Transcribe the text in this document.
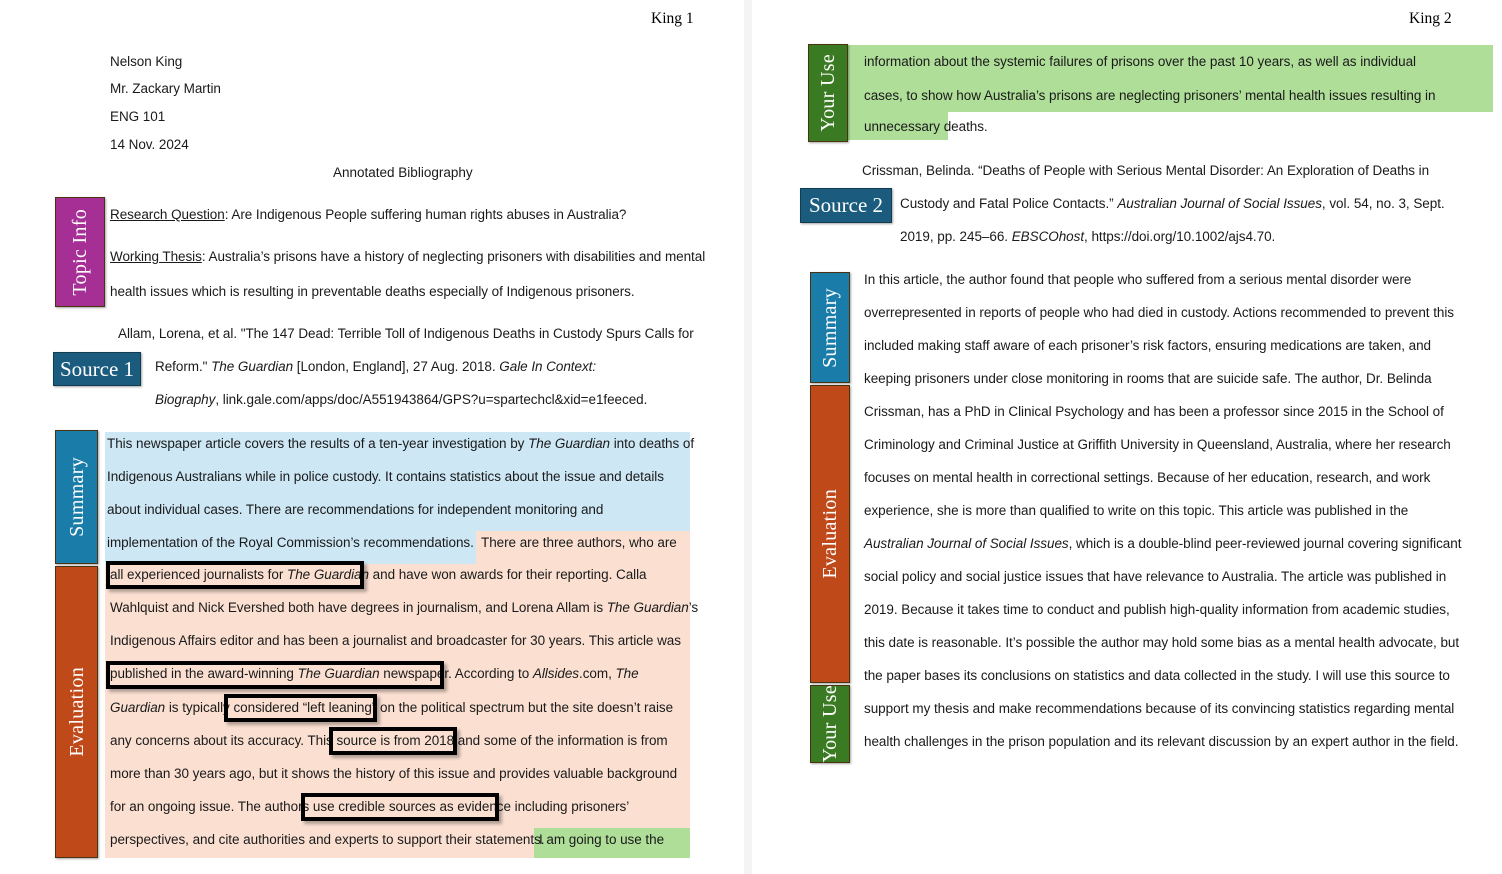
King 1
Nelson King
Mr. Zackary Martin
ENG 101
14 Nov. 2024
Annotated Bibliography
Topic Info Research Question: Are Indigenous People suffering human rights abuses in Australia?
Working Thesis: Australia’s prisons have a history of neglecting prisoners with disabilities and mental
health issues which is resulting in preventable deaths especially of Indigenous prisoners.
Source 1
Allam, Lorena, et al. "The 147 Dead: Terrible Toll of Indigenous Deaths in Custody Spurs Calls for
Reform." The Guardian [London, England], 27 Aug. 2018. Gale In Context:
Biography, link.gale.com/apps/doc/A551943864/GPS?u=spartechcl&xid=e1feeced.
Summary
Evaluation
This newspaper article covers the results of a ten-year investigation by The Guardian into deaths of
Indigenous Australians while in police custody. It contains statistics about the issue and details
about individual cases. There are recommendations for independent monitoring and
implementation of the Royal Commission’s recommendations. There are three authors, who are
all experienced journalists for The Guardian and have won awards for their reporting. Calla
Wahlquist and Nick Evershed both have degrees in journalism, and Lorena Allam is The Guardian’s
Indigenous Affairs editor and has been a journalist and broadcaster for 30 years. This article was
published in the award-winning The Guardian newspaper. According to Allsides.com, The
Guardian is typically considered “left leaning” on the political spectrum but the site doesn’t raise
any concerns about its accuracy. This source is from 2018 and some of the information is from
more than 30 years ago, but it shows the history of this issue and provides valuable background
for an ongoing issue. The authors use credible sources as evidence including prisoners’
perspectives, and cite authorities and experts to support their statements.
I am going to use the
King 2
Your Use information about the systemic failures of prisons over the past 10 years, as well as individual
cases, to show how Australia’s prisons are neglecting prisoners’ mental health issues resulting in
unnecessary deaths.
Source 2
Crissman, Belinda. “Deaths of People with Serious Mental Disorder: An Exploration of Deaths in
Custody and Fatal Police Contacts.” Australian Journal of Social Issues, vol. 54, no. 3, Sept.
2019, pp. 245–66. EBSCOhost, https://doi.org/10.1002/ajs4.70.
Summary
Evaluation
Your Use
In this article, the author found that people who suffered from a serious mental disorder were
overrepresented in reports of people who had died in custody. Actions recommended to prevent this
included making staff aware of each prisoner’s risk factors, ensuring medications are taken, and
keeping prisoners under close monitoring in rooms that are suicide safe. The author, Dr. Belinda
Crissman, has a PhD in Clinical Psychology and has been a professor since 2015 in the School of
Criminology and Criminal Justice at Griffith University in Queensland, Australia, where her research
focuses on mental health in correctional settings. Because of her education, research, and work
experience, she is more than qualified to write on this topic. This article was published in the
Australian Journal of Social Issues, which is a double-blind peer-reviewed journal covering significant
social policy and social justice issues that have relevance to Australia. The article was published in
2019. Because it takes time to conduct and publish high-quality information from academic studies,
this date is reasonable. It’s possible the author may hold some bias as a mental health advocate, but
the paper bases its conclusions on statistics and data collected in the study. I will use this source to
support my thesis and make recommendations because of its convincing statistics regarding mental
health challenges in the prison population and its relevant discussion by an expert author in the field.
